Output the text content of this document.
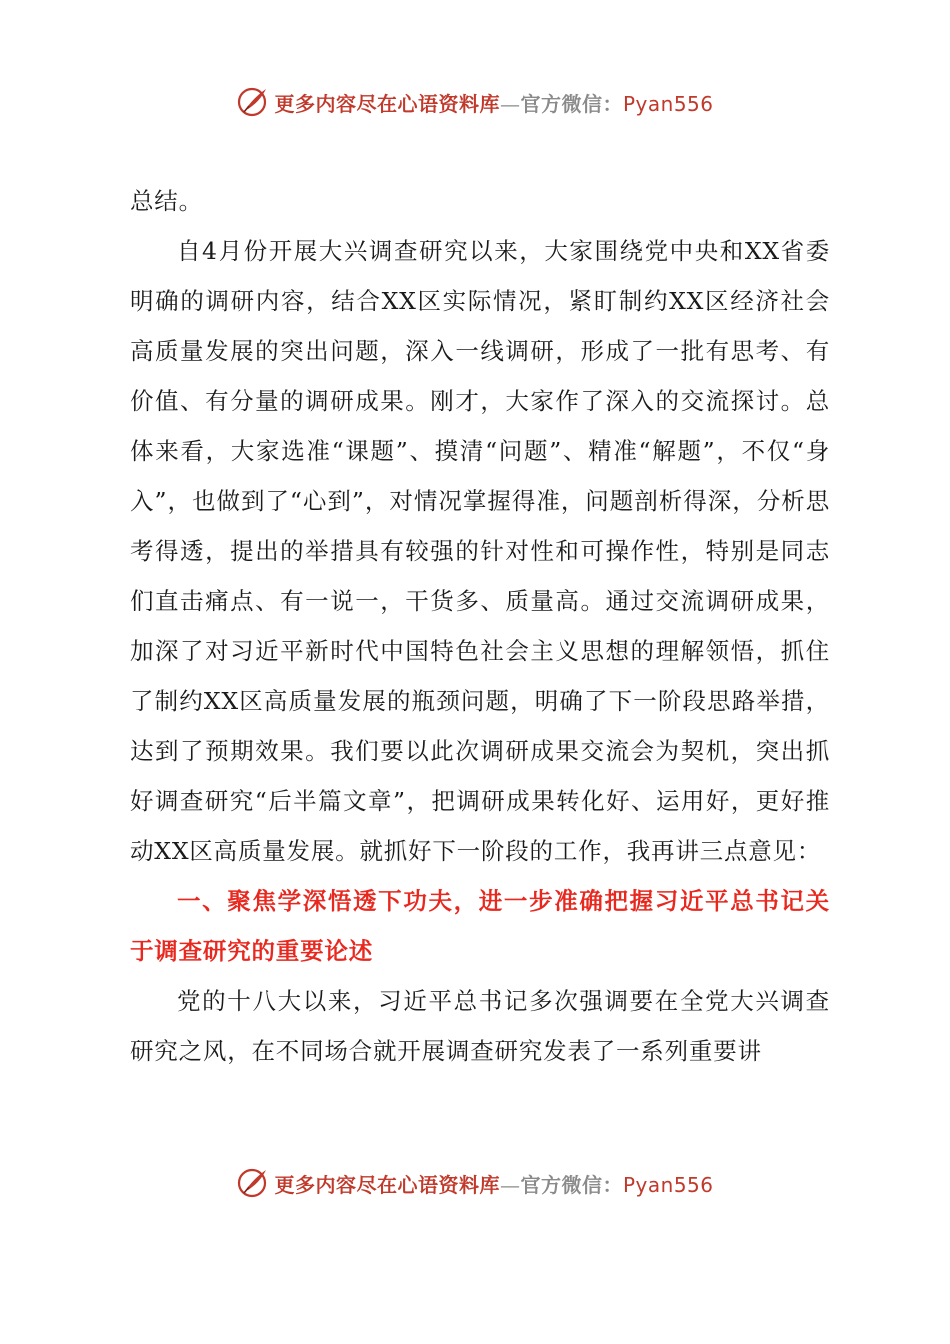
更多内容尽在心语资料库—官方微信：Pyan556

总结。

自4月份开展大兴调查研究以来，大家围绕党中央和XX省委明确的调研内容，结合XX区实际情况，紧盯制约XX区经济社会高质量发展的突出问题，深入一线调研，形成了一批有思考、有价值、有分量的调研成果。刚才，大家作了深入的交流探讨。总体来看，大家选准“课题”、摸清“问题”、精准“解题”，不仅“身入”，也做到了“心到”，对情况掌握得准，问题剖析得深，分析思考得透，提出的举措具有较强的针对性和可操作性，特别是同志们直击痛点、有一说一，干货多、质量高。通过交流调研成果，加深了对习近平新时代中国特色社会主义思想的理解领悟，抓住了制约XX区高质量发展的瓶颈问题，明确了下一阶段思路举措，达到了预期效果。我们要以此次调研成果交流会为契机，突出抓好调查研究“后半篇文章”，把调研成果转化好、运用好，更好推动XX区高质量发展。就抓好下一阶段的工作，我再讲三点意见：

一、聚焦学深悟透下功夫，进一步准确把握习近平总书记关于调查研究的重要论述

党的十八大以来，习近平总书记多次强调要在全党大兴调查研究之风，在不同场合就开展调查研究发表了一系列重要讲

更多内容尽在心语资料库—官方微信：Pyan556
